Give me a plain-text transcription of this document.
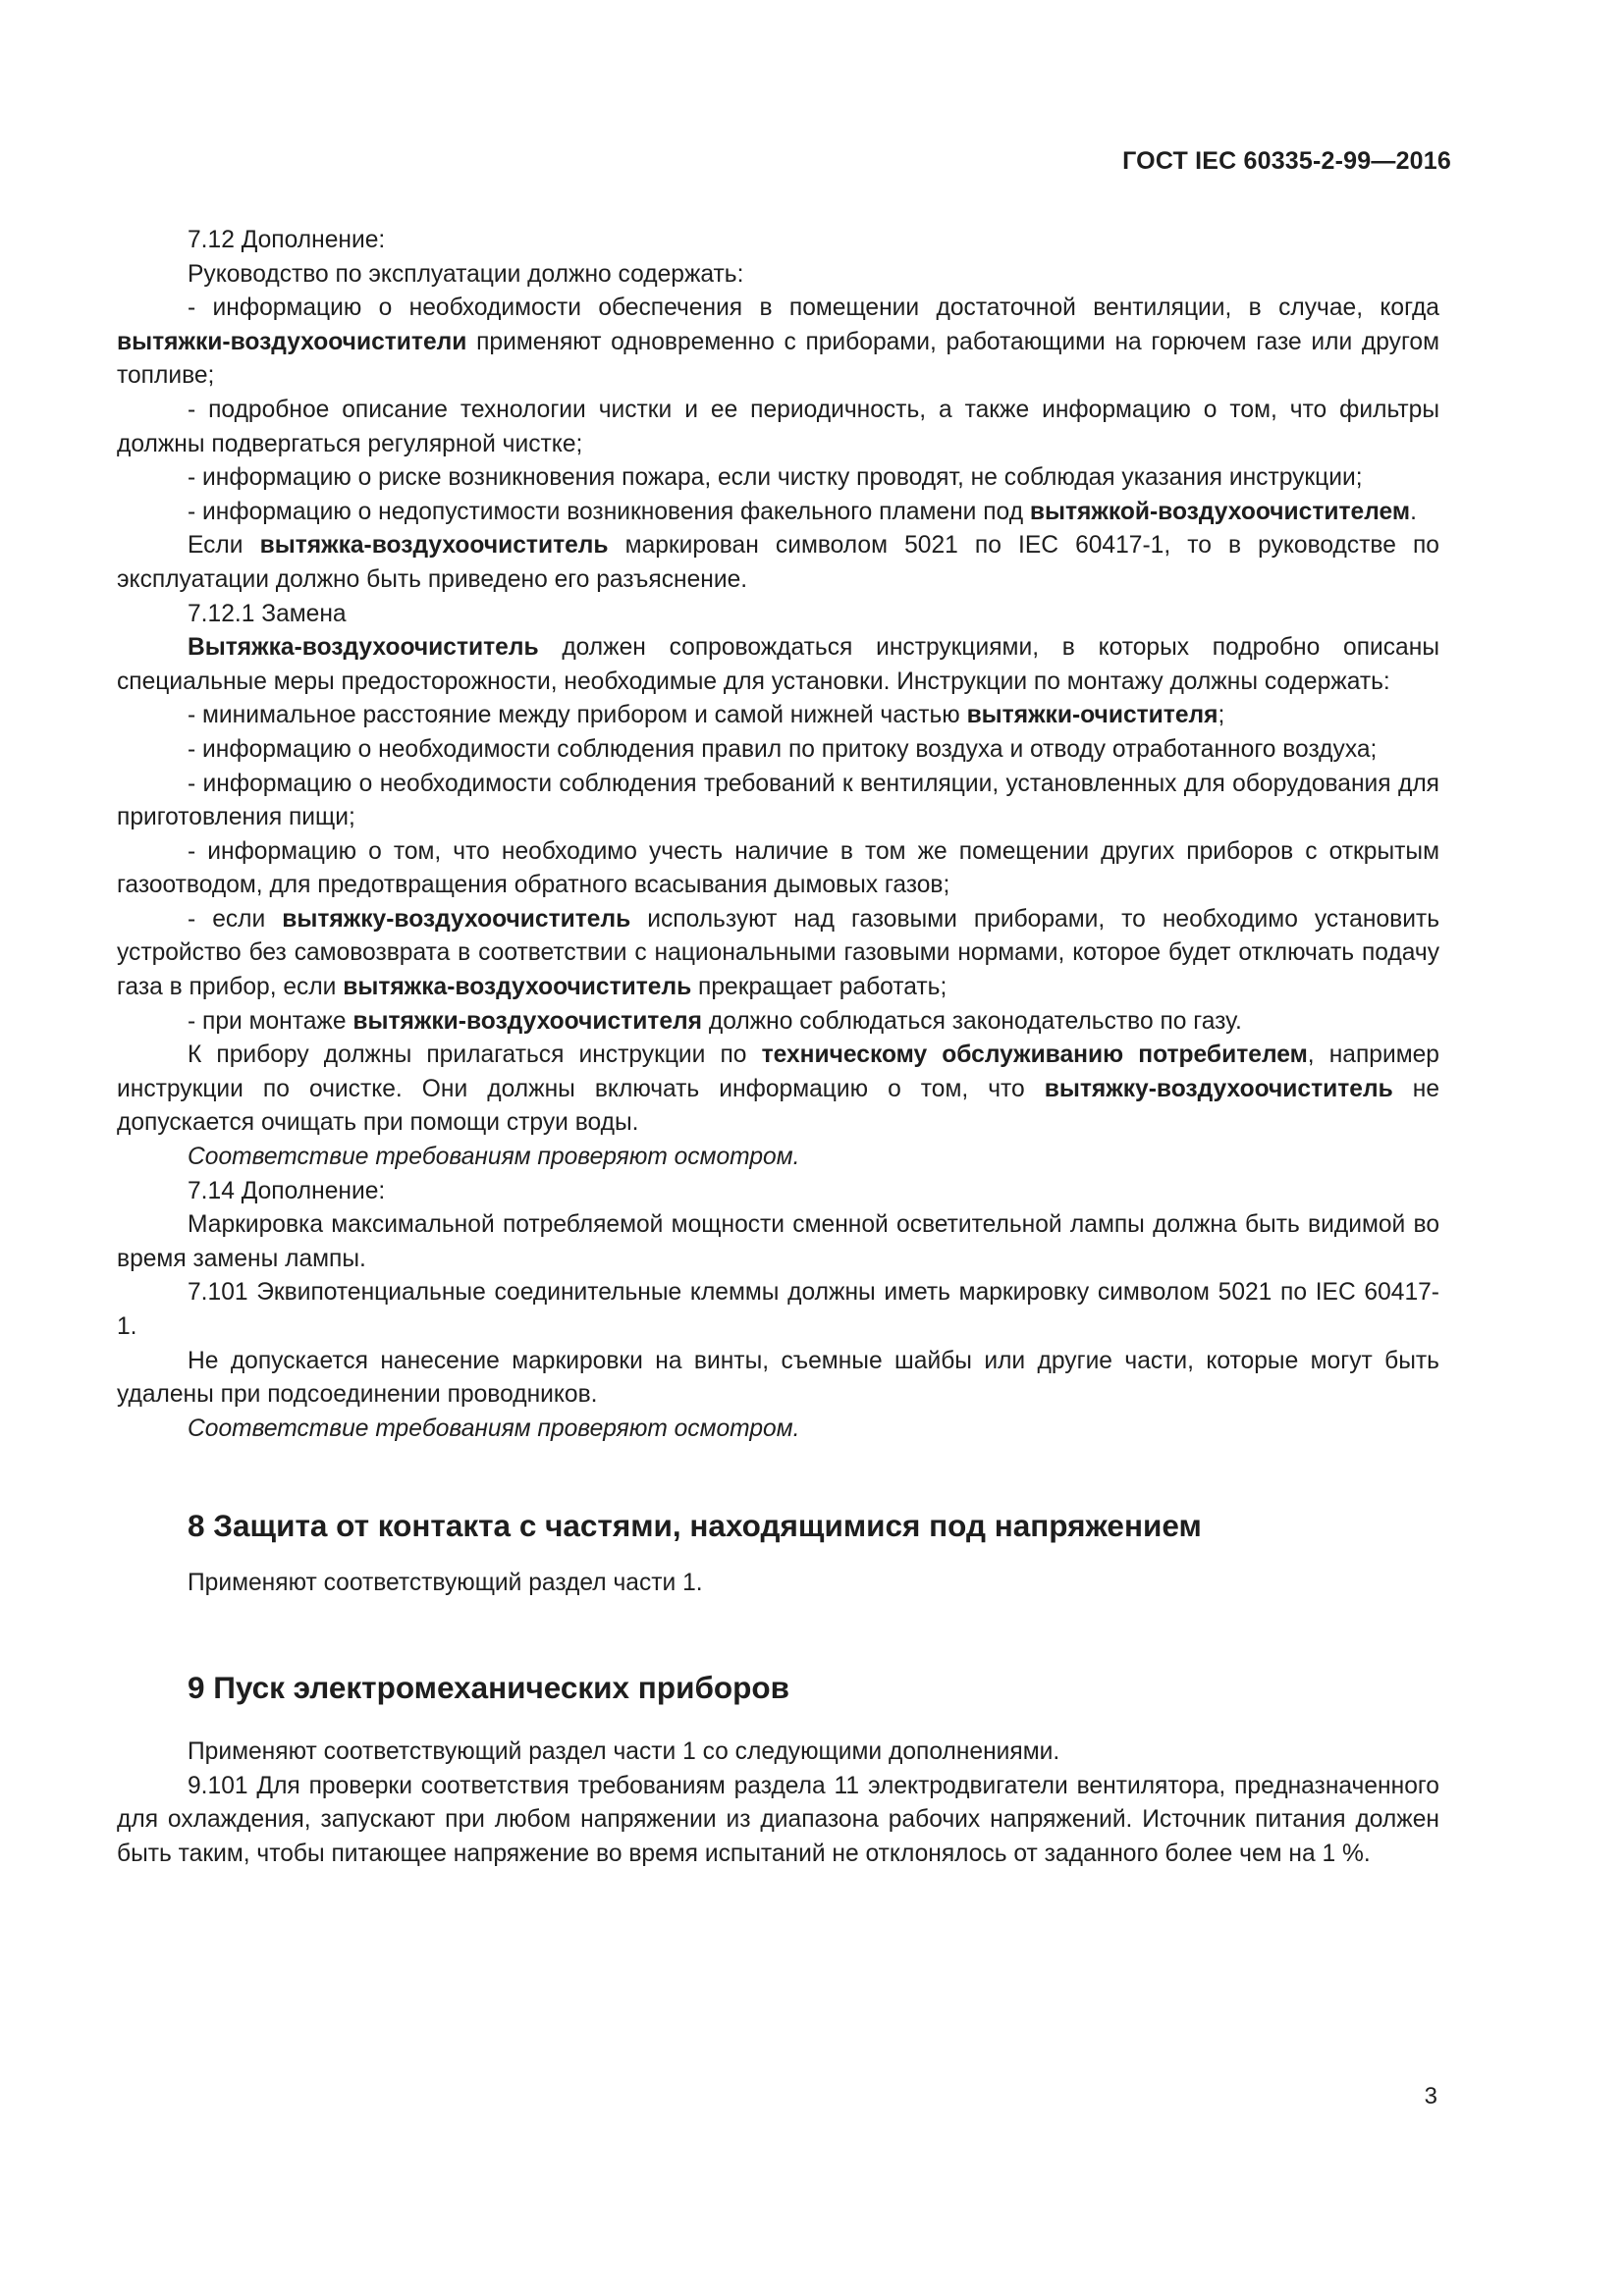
ГОСТ IEC 60335-2-99—2016

7.12 Дополнение:

Руководство по эксплуатации должно содержать:

- информацию о необходимости обеспечения в помещении достаточной вентиляции, в случае, когда вытяжки-воздухоочистители применяют одновременно с приборами, работающими на горючем газе или другом топливе;

- подробное описание технологии чистки и ее периодичность, а также информацию о том, что фильтры должны подвергаться регулярной чистке;

- информацию о риске возникновения пожара, если чистку проводят, не соблюдая указания инструкции;

- информацию о недопустимости возникновения факельного пламени под вытяжкой-воздухоочистителем.

Если вытяжка-воздухоочиститель маркирован символом 5021 по IEC 60417-1, то в руководстве по эксплуатации должно быть приведено его разъяснение.

7.12.1 Замена

Вытяжка-воздухоочиститель должен сопровождаться инструкциями, в которых подробно описаны специальные меры предосторожности, необходимые для установки. Инструкции по монтажу должны содержать:

- минимальное расстояние между прибором и самой нижней частью вытяжки-очистителя;

- информацию о необходимости соблюдения правил по притоку воздуха и отводу отработанного воздуха;

- информацию о необходимости соблюдения требований к вентиляции, установленных для оборудования для приготовления пищи;

- информацию о том, что необходимо учесть наличие в том же помещении других приборов с открытым газоотводом, для предотвращения обратного всасывания дымовых газов;

- если вытяжку-воздухоочиститель используют над газовыми приборами, то необходимо установить устройство без самовозврата в соответствии с национальными газовыми нормами, которое будет отключать подачу газа в прибор, если вытяжка-воздухоочиститель прекращает работать;

- при монтаже вытяжки-воздухоочистителя должно соблюдаться законодательство по газу.

К прибору должны прилагаться инструкции по техническому обслуживанию потребителем, например инструкции по очистке. Они должны включать информацию о том, что вытяжку-воздухоочиститель не допускается очищать при помощи струи воды.

Соответствие требованиям проверяют осмотром.

7.14 Дополнение:

Маркировка максимальной потребляемой мощности сменной осветительной лампы должна быть видимой во время замены лампы.

7.101 Эквипотенциальные соединительные клеммы должны иметь маркировку символом 5021 по IEC 60417-1.

Не допускается нанесение маркировки на винты, съемные шайбы или другие части, которые могут быть удалены при подсоединении проводников.

Соответствие требованиям проверяют осмотром.

8 Защита от контакта с частями, находящимися под напряжением

Применяют соответствующий раздел части 1.

9 Пуск электромеханических приборов

Применяют соответствующий раздел части 1 со следующими дополнениями.

9.101 Для проверки соответствия требованиям раздела 11 электродвигатели вентилятора, предназначенного для охлаждения, запускают при любом напряжении из диапазона рабочих напряжений. Источник питания должен быть таким, чтобы питающее напряжение во время испытаний не отклонялось от заданного более чем на 1 %.

3
